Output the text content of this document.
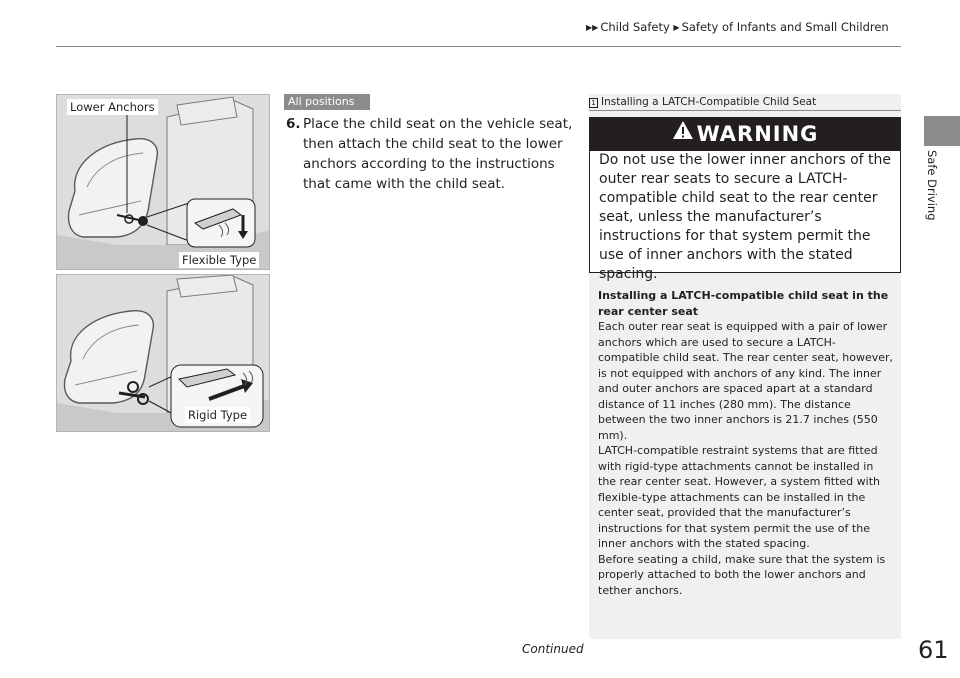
▶▶ Child Safety ▶ Safety of Infants and Small Children
Safe Driving
Lower Anchors
Flexible Type
Rigid Type
All positions
6. Place the child seat on the vehicle seat, then attach the child seat to the lower anchors according to the instructions that came with the child seat.
1 Installing a LATCH-Compatible Child Seat
WARNING
Do not use the lower inner anchors of the outer rear seats to secure a LATCH-compatible child seat to the rear center seat, unless the manufacturer’s instructions for that system permit the use of inner anchors with the stated spacing.
Installing a LATCH-compatible child seat in the rear center seat
Each outer rear seat is equipped with a pair of lower anchors which are used to secure a LATCH-compatible child seat. The rear center seat, however, is not equipped with anchors of any kind. The inner and outer anchors are spaced apart at a standard distance of 11 inches (280 mm). The distance between the two inner anchors is 21.7 inches (550 mm).
LATCH-compatible restraint systems that are fitted with rigid-type attachments cannot be installed in the rear center seat. However, a system fitted with flexible-type attachments can be installed in the center seat, provided that the manufacturer’s instructions for that system permit the use of the inner anchors with the stated spacing.
Before seating a child, make sure that the system is properly attached to both the lower anchors and tether anchors.
Continued	61
